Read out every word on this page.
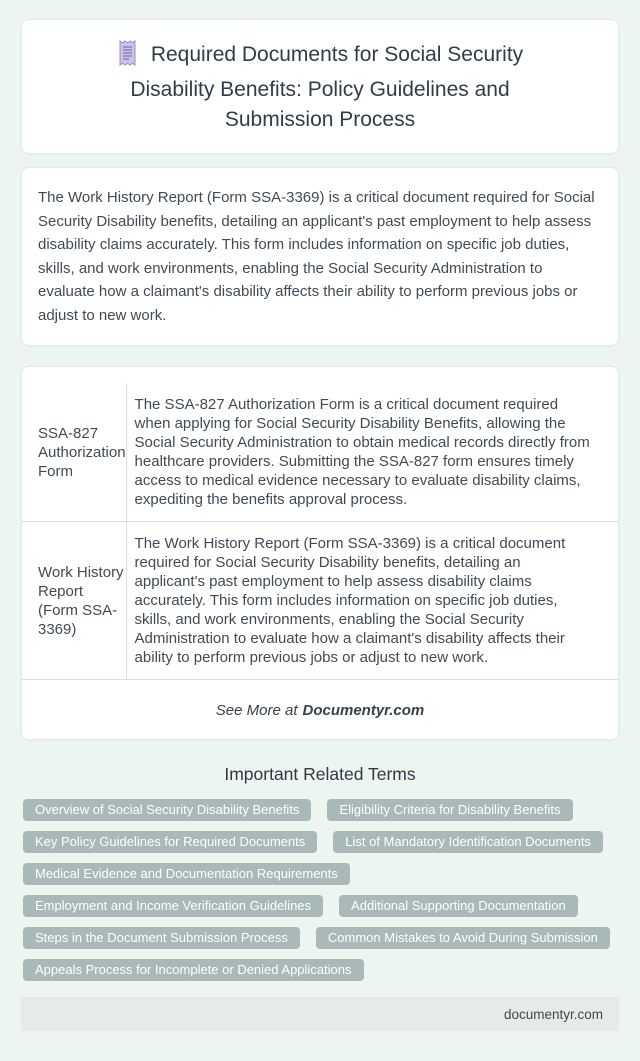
Required Documents for Social Security Disability Benefits: Policy Guidelines and Submission Process

The Work History Report (Form SSA-3369) is a critical document required for Social Security Disability benefits, detailing an applicant's past employment to help assess disability claims accurately. This form includes information on specific job duties, skills, and work environments, enabling the Social Security Administration to evaluate how a claimant's disability affects their ability to perform previous jobs or adjust to new work.

SSA-827 Authorization Form	The SSA-827 Authorization Form is a critical document required when applying for Social Security Disability Benefits, allowing the Social Security Administration to obtain medical records directly from healthcare providers. Submitting the SSA-827 form ensures timely access to medical evidence necessary to evaluate disability claims, expediting the benefits approval process.
Work History Report (Form SSA-3369)	The Work History Report (Form SSA-3369) is a critical document required for Social Security Disability benefits, detailing an applicant's past employment to help assess disability claims accurately. This form includes information on specific job duties, skills, and work environments, enabling the Social Security Administration to evaluate how a claimant's disability affects their ability to perform previous jobs or adjust to new work.

See More at Documentyr.com

Important Related Terms
Overview of Social Security Disability Benefits	Eligibility Criteria for Disability Benefits
Key Policy Guidelines for Required Documents	List of Mandatory Identification Documents
Medical Evidence and Documentation Requirements
Employment and Income Verification Guidelines	Additional Supporting Documentation
Steps in the Document Submission Process	Common Mistakes to Avoid During Submission
Appeals Process for Incomplete or Denied Applications
documentyr.com
